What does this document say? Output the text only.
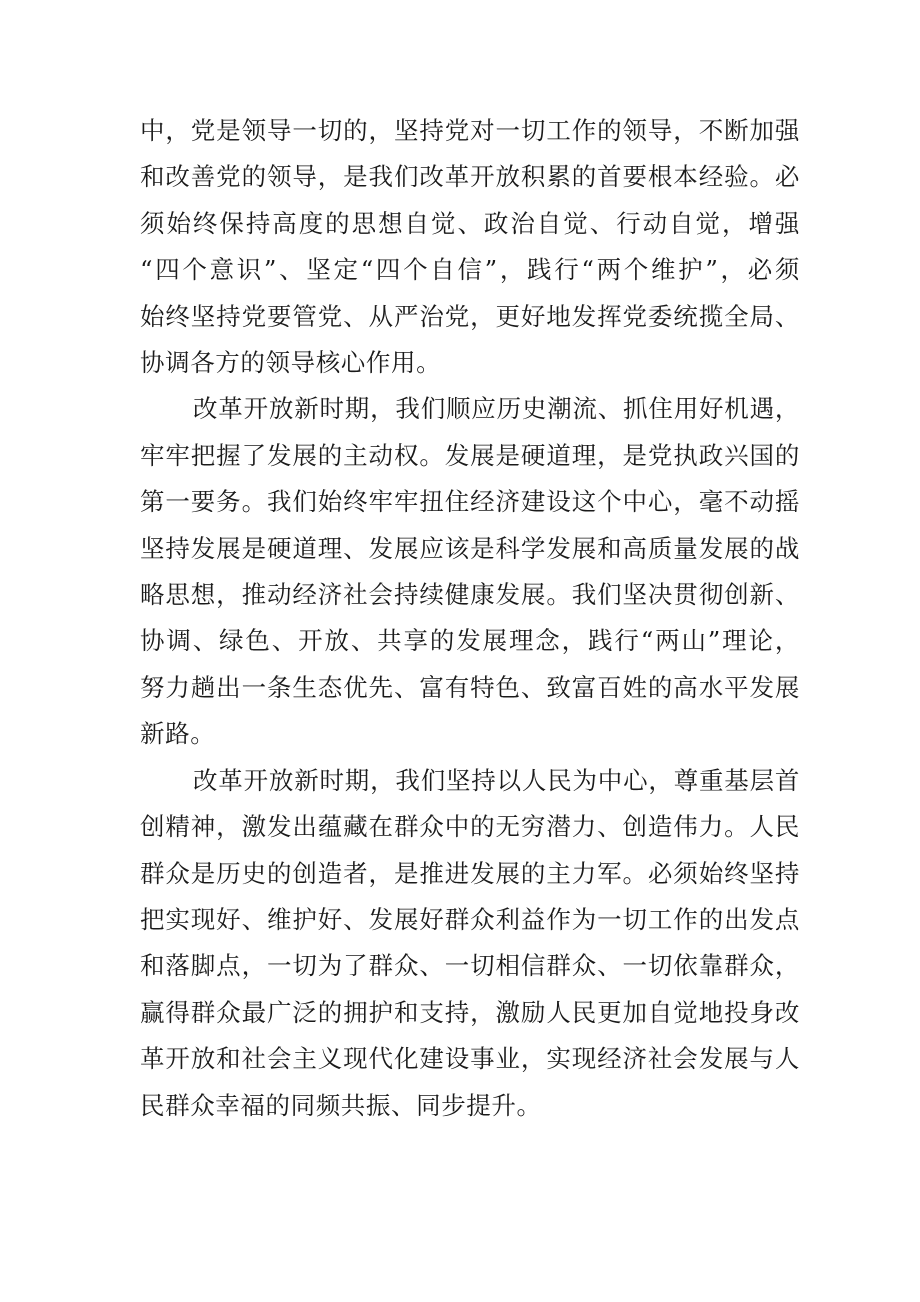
中，党是领导一切的，坚持党对一切工作的领导，不断加强
和改善党的领导，是我们改革开放积累的首要根本经验。必
须始终保持高度的思想自觉、政治自觉、行动自觉，增强
“四个意识”、坚定“四个自信”，践行“两个维护”，必须
始终坚持党要管党、从严治党，更好地发挥党委统揽全局、
协调各方的领导核心作用。

改革开放新时期，我们顺应历史潮流、抓住用好机遇，
牢牢把握了发展的主动权。发展是硬道理，是党执政兴国的
第一要务。我们始终牢牢扭住经济建设这个中心，毫不动摇
坚持发展是硬道理、发展应该是科学发展和高质量发展的战
略思想，推动经济社会持续健康发展。我们坚决贯彻创新、
协调、绿色、开放、共享的发展理念，践行“两山”理论，
努力趟出一条生态优先、富有特色、致富百姓的高水平发展
新路。

改革开放新时期，我们坚持以人民为中心，尊重基层首
创精神，激发出蕴藏在群众中的无穷潜力、创造伟力。人民
群众是历史的创造者，是推进发展的主力军。必须始终坚持
把实现好、维护好、发展好群众利益作为一切工作的出发点
和落脚点，一切为了群众、一切相信群众、一切依靠群众，
赢得群众最广泛的拥护和支持，激励人民更加自觉地投身改
革开放和社会主义现代化建设事业，实现经济社会发展与人
民群众幸福的同频共振、同步提升。
